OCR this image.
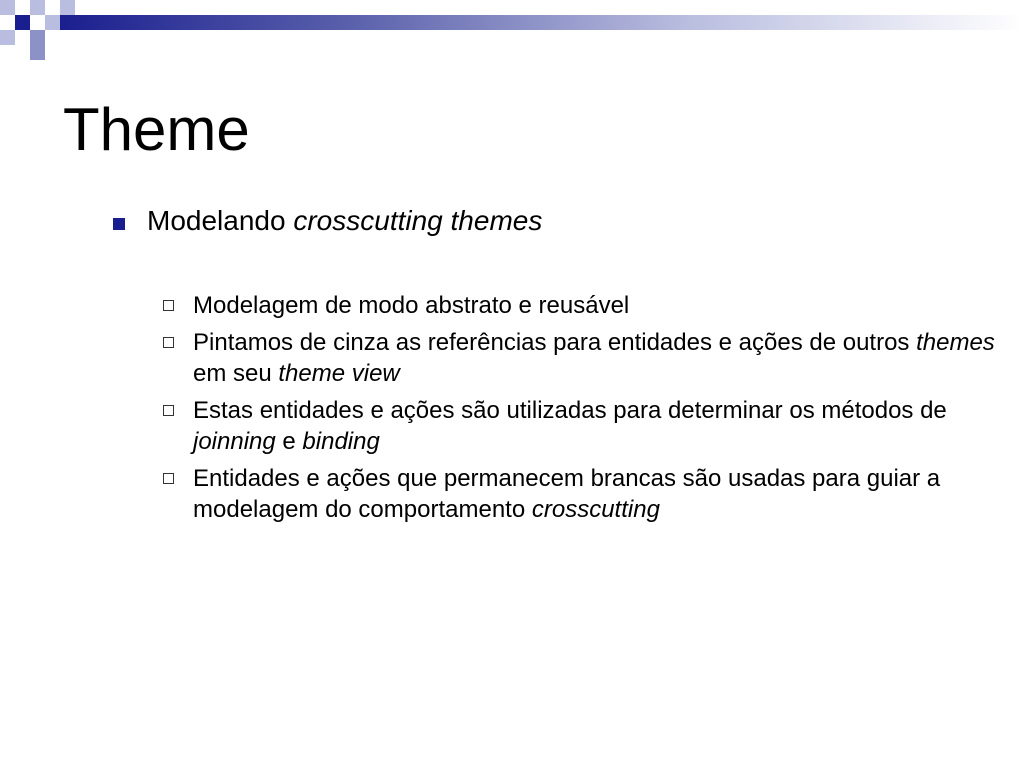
Theme
Modelando crosscutting themes
Modelagem de modo abstrato e reusável
Pintamos de cinza as referências para entidades e ações de outros themes em seu theme view
Estas entidades e ações são utilizadas para determinar os métodos de joinning e binding
Entidades e ações que permanecem brancas são usadas para guiar a modelagem do comportamento crosscutting
